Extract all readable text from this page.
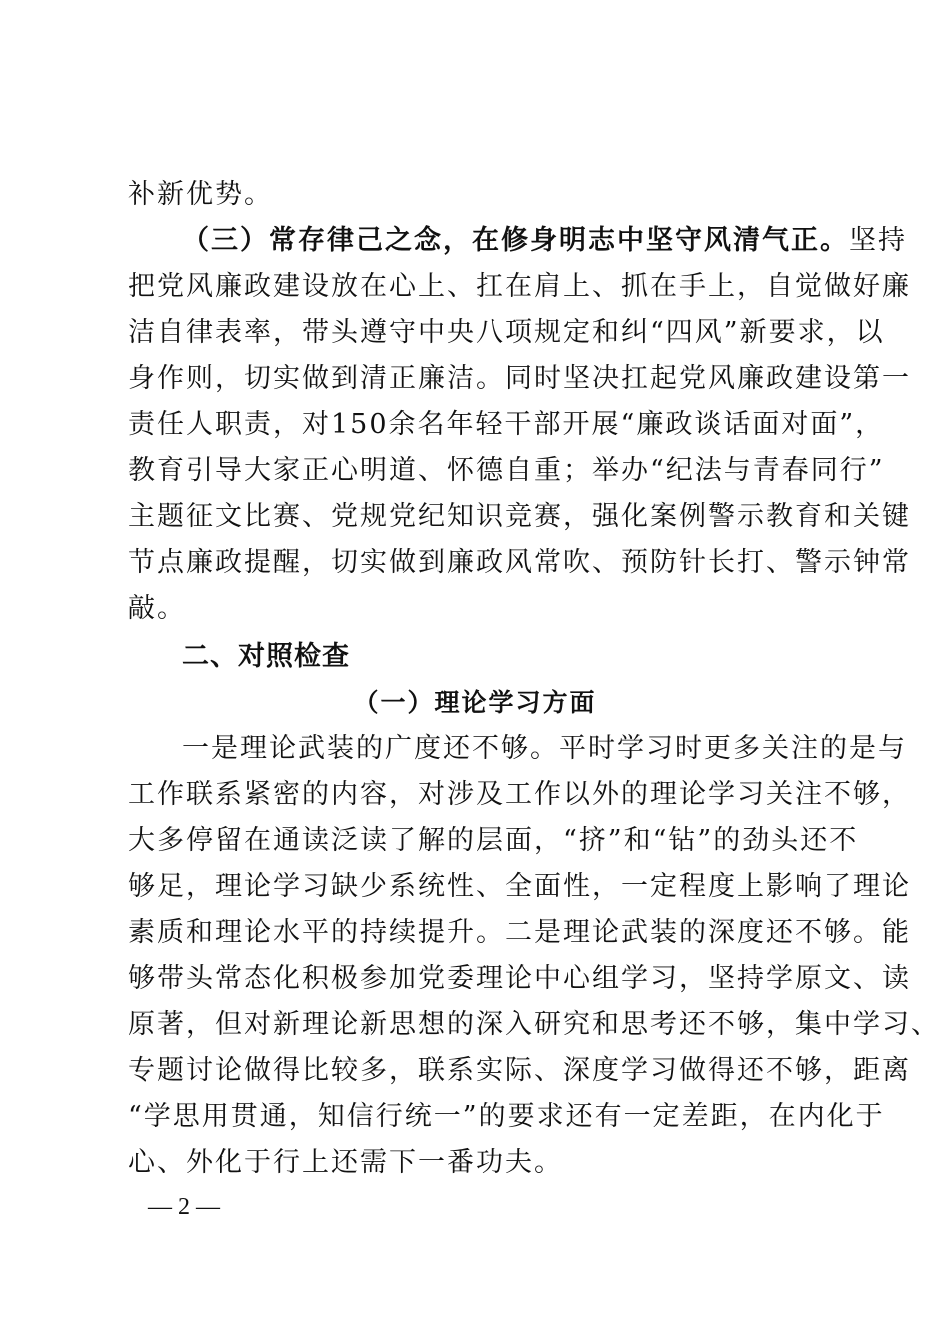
补新优势。
（三）常存律己之念，在修身明志中坚守风清气正。坚持
把党风廉政建设放在心上、扛在肩上、抓在手上，自觉做好廉
洁自律表率，带头遵守中央八项规定和纠“四风”新要求，以
身作则，切实做到清正廉洁。同时坚决扛起党风廉政建设第一
责任人职责，对150余名年轻干部开展“廉政谈话面对面”，
教育引导大家正心明道、怀德自重；举办“纪法与青春同行”
主题征文比赛、党规党纪知识竞赛，强化案例警示教育和关键
节点廉政提醒，切实做到廉政风常吹、预防针长打、警示钟常
敲。
二、对照检查
（一）理论学习方面
一是理论武装的广度还不够。平时学习时更多关注的是与
工作联系紧密的内容，对涉及工作以外的理论学习关注不够，
大多停留在通读泛读了解的层面，“挤”和“钻”的劲头还不
够足，理论学习缺少系统性、全面性，一定程度上影响了理论
素质和理论水平的持续提升。二是理论武装的深度还不够。能
够带头常态化积极参加党委理论中心组学习，坚持学原文、读
原著，但对新理论新思想的深入研究和思考还不够，集中学习、
专题讨论做得比较多，联系实际、深度学习做得还不够，距离
“学思用贯通，知信行统一”的要求还有一定差距，在内化于
心、外化于行上还需下一番功夫。
— 2 —
